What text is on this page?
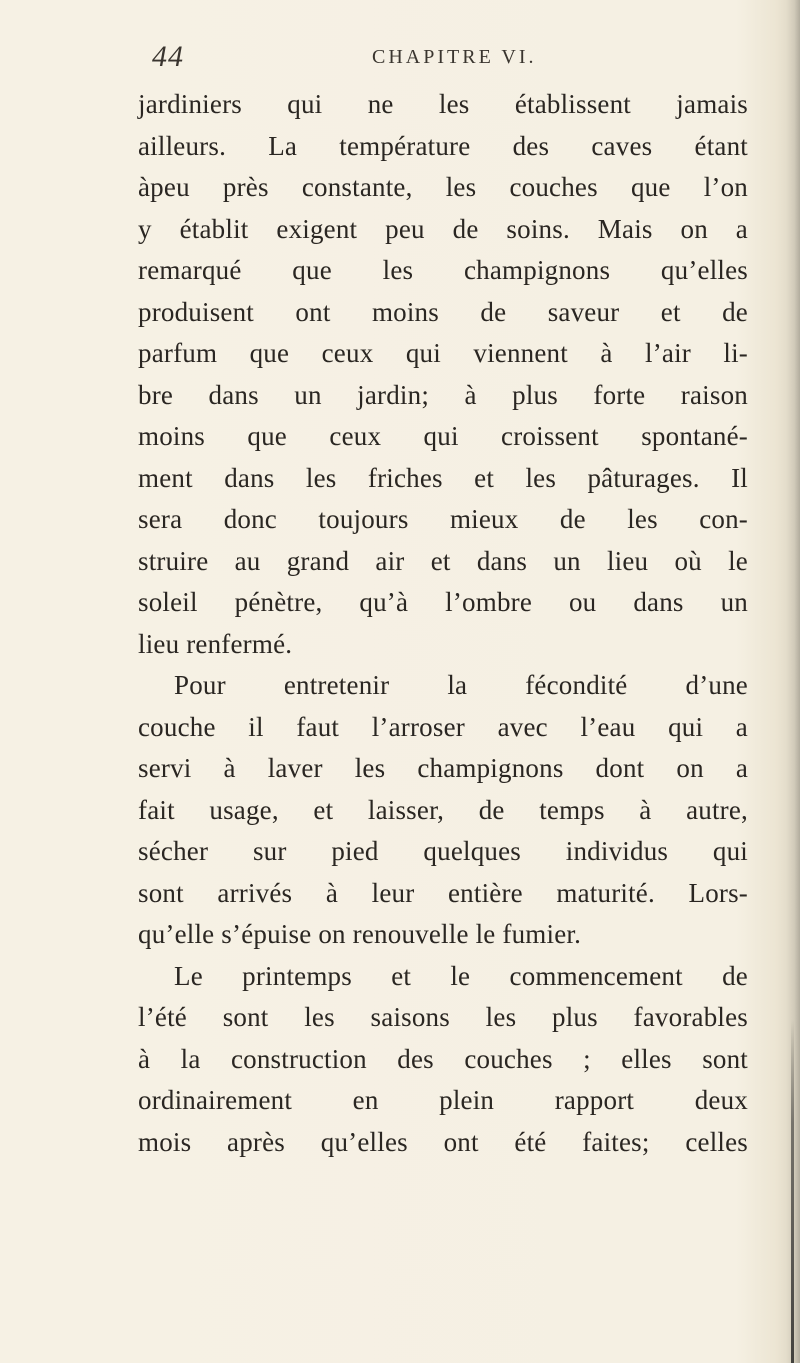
44	CHAPITRE VI.
jardiniers qui ne les établissent jamais
ailleurs. La température des caves étant
àpeu près constante, les couches que l’on
y établit exigent peu de soins. Mais on a
remarqué que les champignons qu’elles
produisent ont moins de saveur et de
parfum que ceux qui viennent à l’air li-
bre dans un jardin; à plus forte raison
moins que ceux qui croissent spontané-
ment dans les friches et les pâturages. Il
sera donc toujours mieux de les con-
struire au grand air et dans un lieu où le
soleil pénètre, qu’à l’ombre ou dans un
lieu renfermé.
Pour entretenir la fécondité d’une
couche il faut l’arroser avec l’eau qui a
servi à laver les champignons dont on a
fait usage, et laisser, de temps à autre,
sécher sur pied quelques individus qui
sont arrivés à leur entière maturité. Lors-
qu’elle s’épuise on renouvelle le fumier.
Le printemps et le commencement de
l’été sont les saisons les plus favorables
à la construction des couches ; elles sont
ordinairement en plein rapport deux
mois après qu’elles ont été faites; celles
